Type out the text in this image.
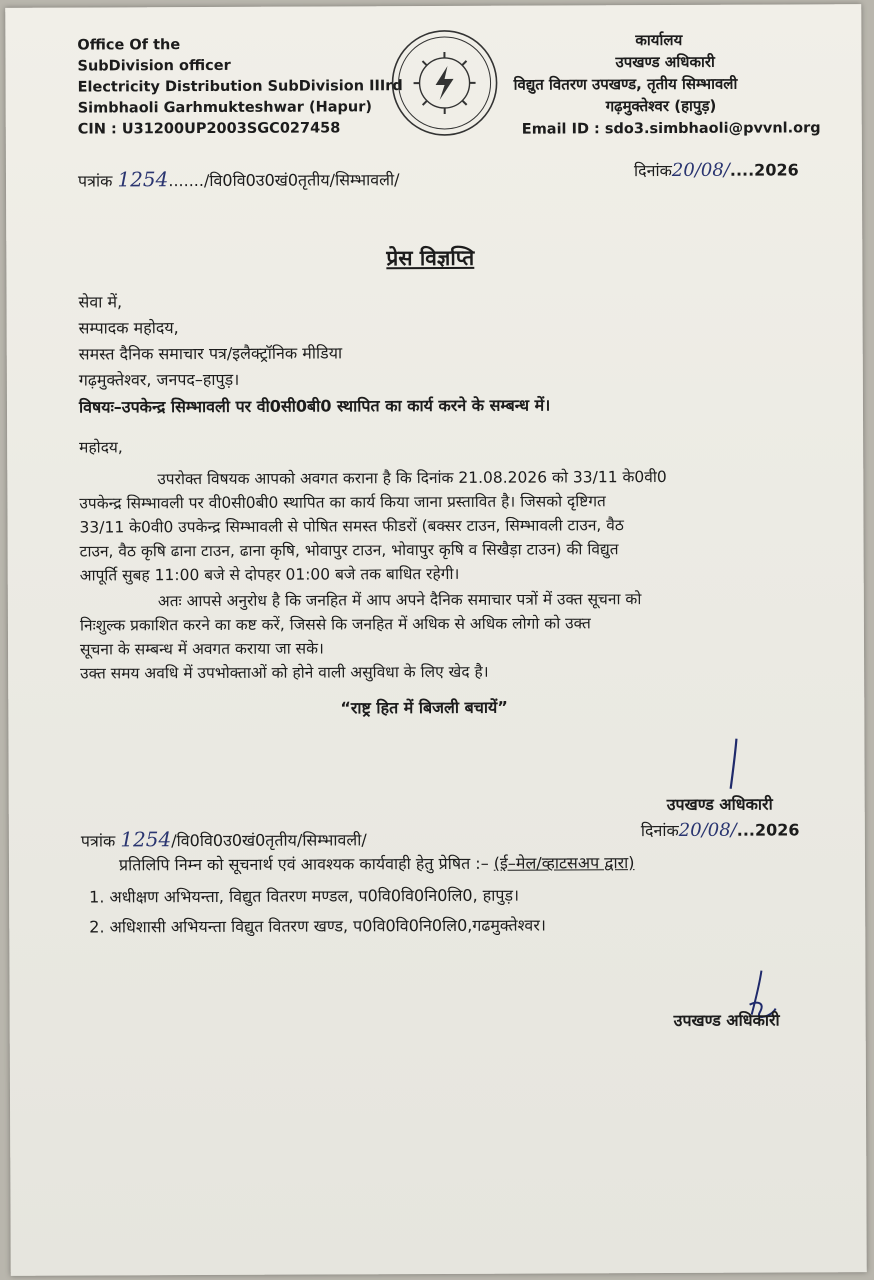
Office Of the
SubDivision officer
Electricity Distribution SubDivision IIIrd
Simbhaoli Garhmukteshwar (Hapur)
CIN : U31200UP2003SGC027458
कार्यालय
उपखण्ड अधिकारी
विद्युत वितरण उपखण्ड, तृतीय सिम्भावली
गढ़मुक्तेश्वर (हापुड़)
Email ID : sdo3.simbhaoli@pvvnl.org
पत्रांक 1254......./वि0वि0उ0खं0तृतीय/सिम्भावली/	दिनांक20/08/....2026
प्रेस विज्ञप्ति
सेवा में,
सम्पादक महोदय,
समस्त दैनिक समाचार पत्र/इलैक्ट्रॉनिक मीडिया
गढ़मुक्तेश्वर, जनपद–हापुड़।
विषयः–उपकेन्द्र सिम्भावली पर वी0सी0बी0 स्थापित का कार्य करने के सम्बन्ध में।
महोदय,
उपरोक्त विषयक आपको अवगत कराना है कि दिनांक 21.08.2026 को 33/11 के0वी0
उपकेन्द्र सिम्भावली पर वी0सी0बी0 स्थापित का कार्य किया जाना प्रस्तावित है। जिसको दृष्टिगत
33/11 के0वी0 उपकेन्द्र सिम्भावली से पोषित समस्त फीडरों (बक्सर टाउन, सिम्भावली टाउन, वैठ
टाउन, वैठ कृषि ढाना टाउन, ढाना कृषि, भोवापुर टाउन, भोवापुर कृषि व सिखैड़ा टाउन) की विद्युत
आपूर्ति सुबह 11:00 बजे से दोपहर 01:00 बजे तक बाधित रहेगी।
अतः आपसे अनुरोध है कि जनहित में आप अपने दैनिक समाचार पत्रों में उक्त सूचना को
निःशुल्क प्रकाशित करने का कष्ट करें, जिससे कि जनहित में अधिक से अधिक लोगो को उक्त
सूचना के सम्बन्ध में अवगत कराया जा सके।
उक्त समय अवधि में उपभोक्ताओं को होने वाली असुविधा के लिए खेद है।
“राष्ट्र हित में बिजली बचायें”
उपखण्ड अधिकारी
पत्रांक 1254/वि0वि0उ0खं0तृतीय/सिम्भावली/	दिनांक20/08/...2026
प्रतिलिपि निम्न को सूचनार्थ एवं आवश्यक कार्यवाही हेतु प्रेषित :– (ई–मेल/व्हाटसअप द्वारा)
1. अधीक्षण अभियन्ता, विद्युत वितरण मण्डल, प0वि0वि0नि0लि0, हापुड़।
2. अधिशासी अभियन्ता विद्युत वितरण खण्ड, प0वि0वि0नि0लि0,गढमुक्तेश्वर।
उपखण्ड अधिकारी
